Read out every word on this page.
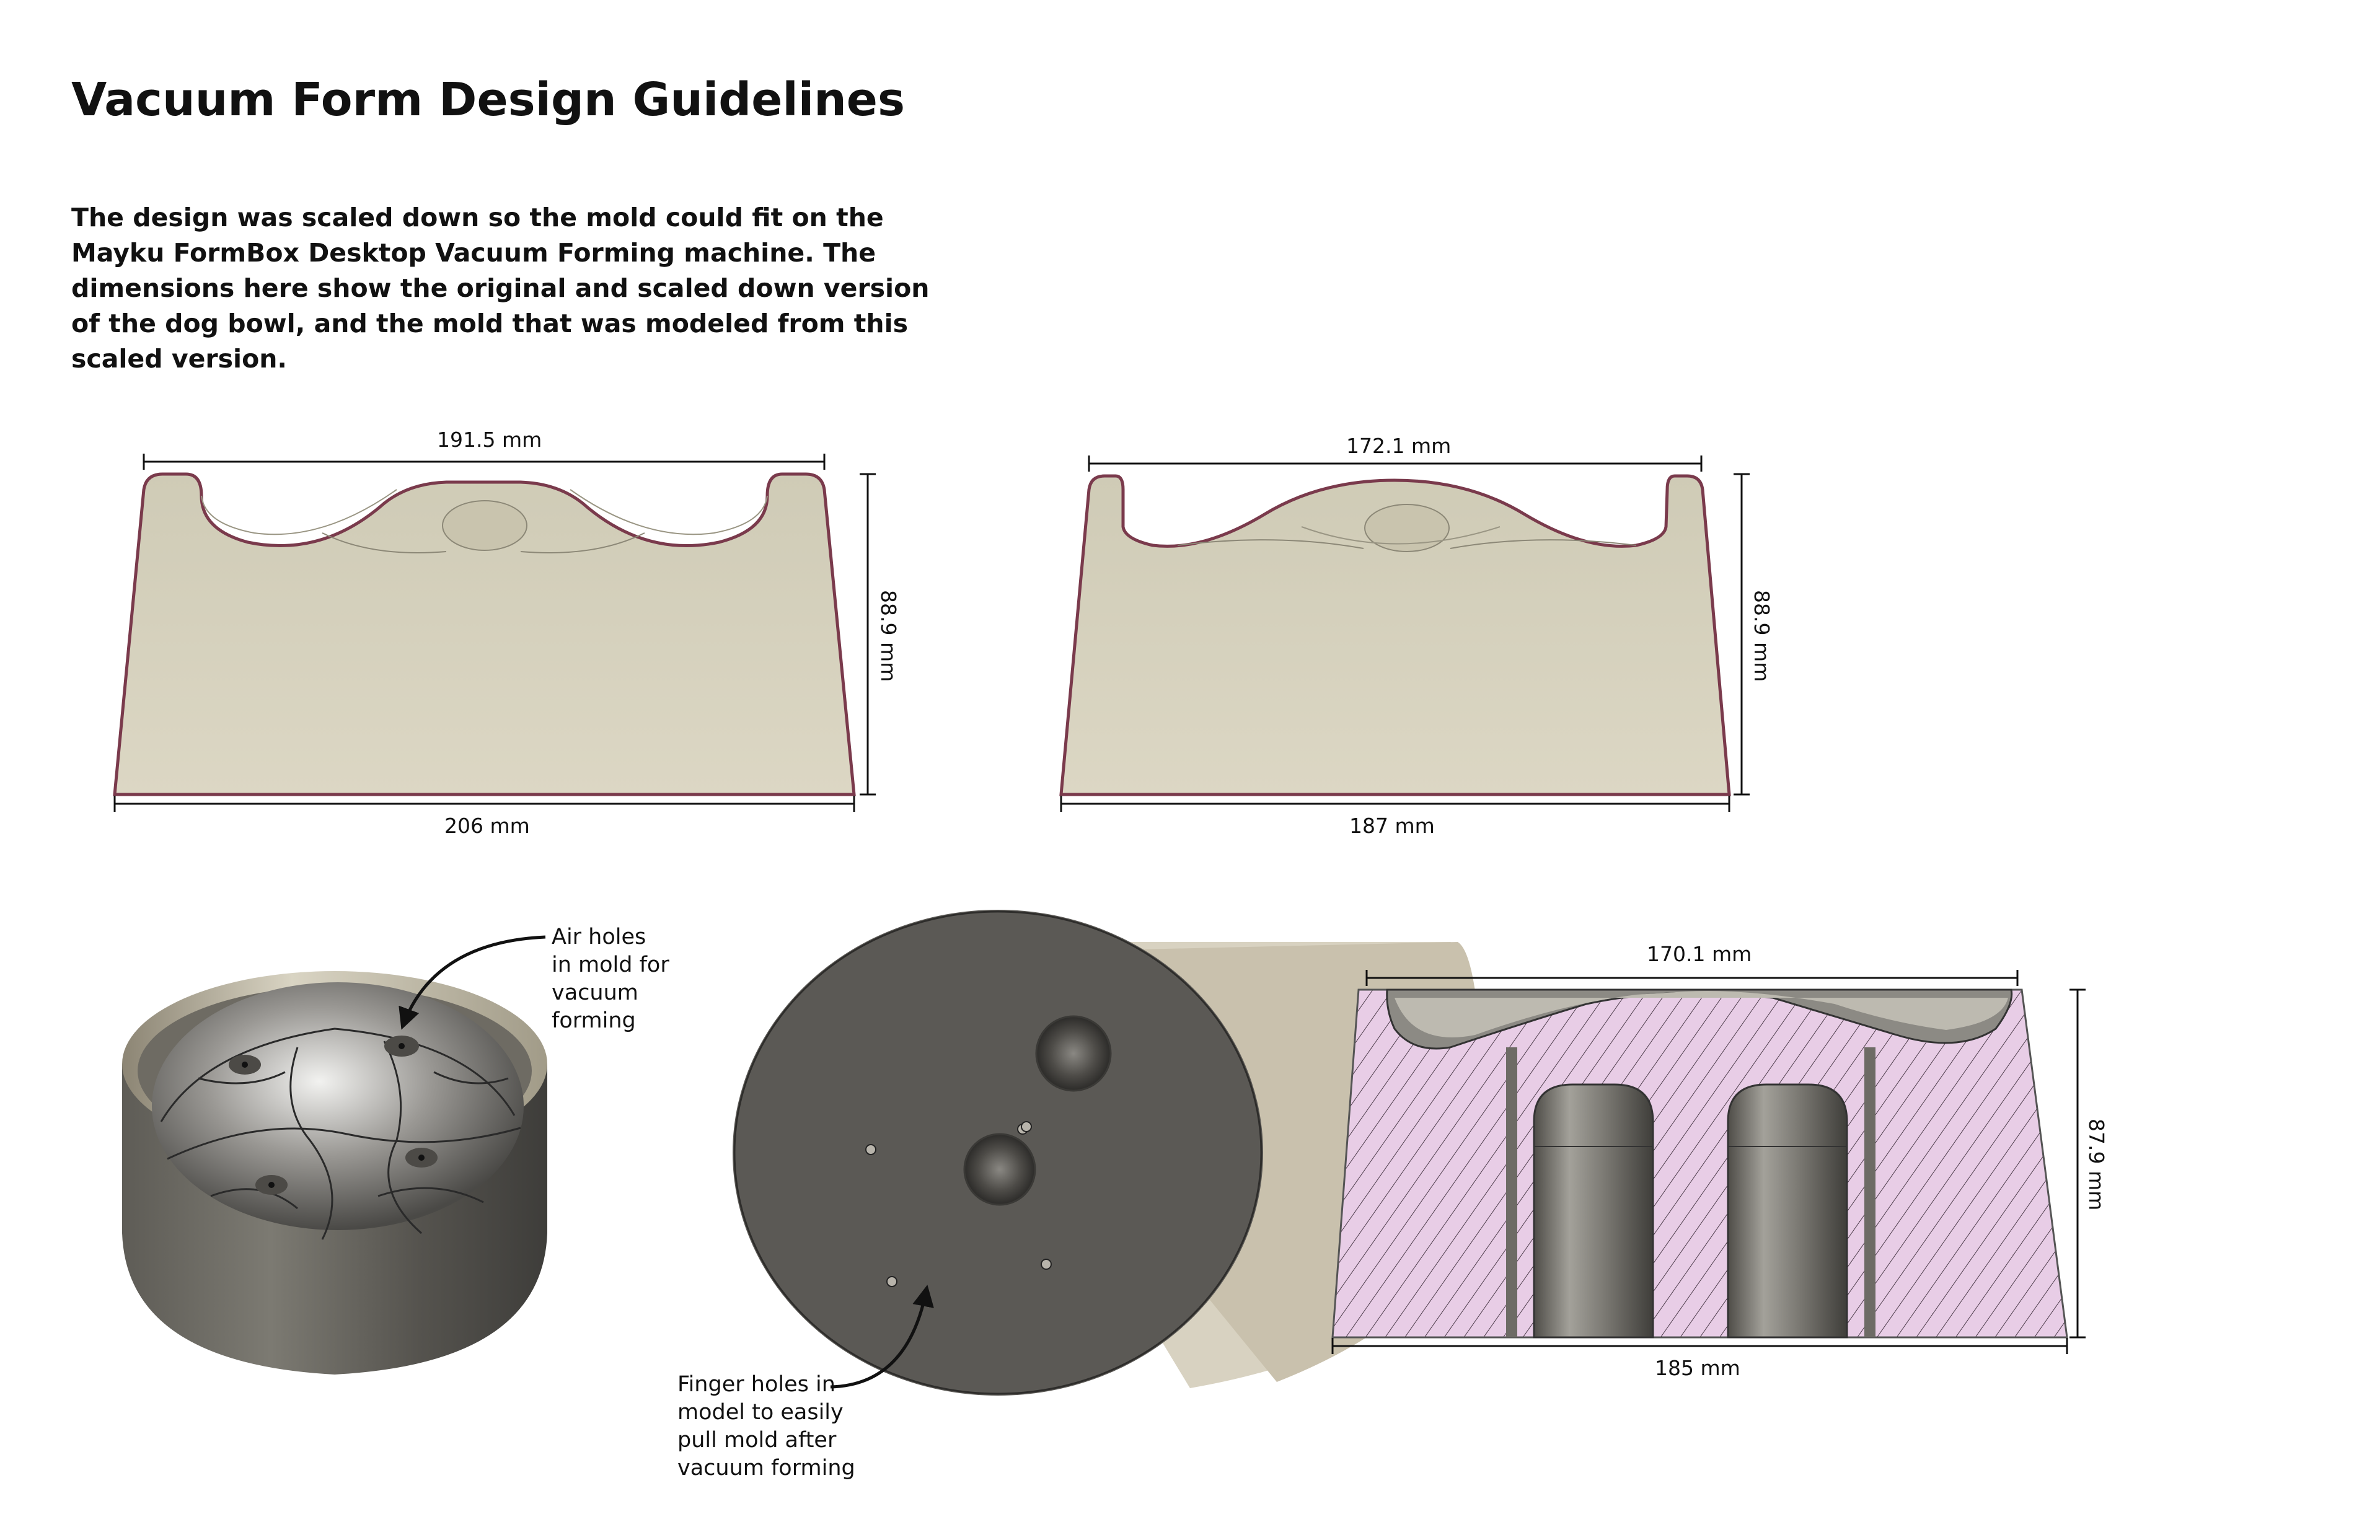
Vacuum Form Design Guidelines
The design was scaled down so the mold could fit on the Mayku FormBox Desktop Vacuum Forming machine. The dimensions here show the original and scaled down version of the dog bowl, and the mold that was modeled from this scaled version.
191.5 mm
206 mm
88.9 mm
172.1 mm
187 mm
88.9 mm
170.1 mm
185 mm
87.9 mm
Air holes
in mold for
vacuum
forming
Finger holes in
model to easily
pull mold after
vacuum forming
